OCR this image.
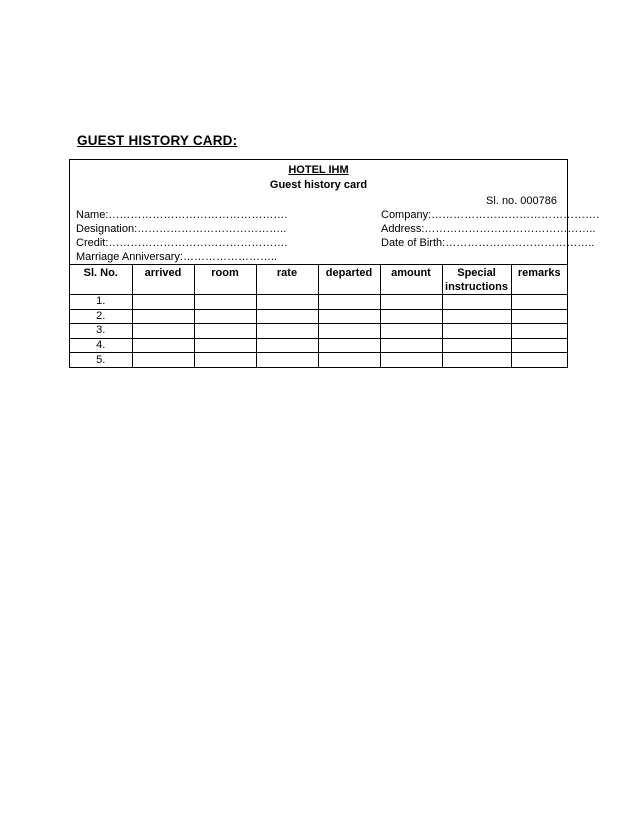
GUEST HISTORY CARD:
HOTEL IHM
Guest history card
Sl. no. 000786
Name:………………………………………….	Company:……………………………………….
Designation:…………………………………..	Address:………………………………………..
Credit:………………………………………….	Date of Birth:…………………………………..
Marriage Anniversary:……………………..
Sl. No.	arrived	room	rate	departed	amount	Special instructions	remarks
1.							
2.							
3.							
4.							
5.							
